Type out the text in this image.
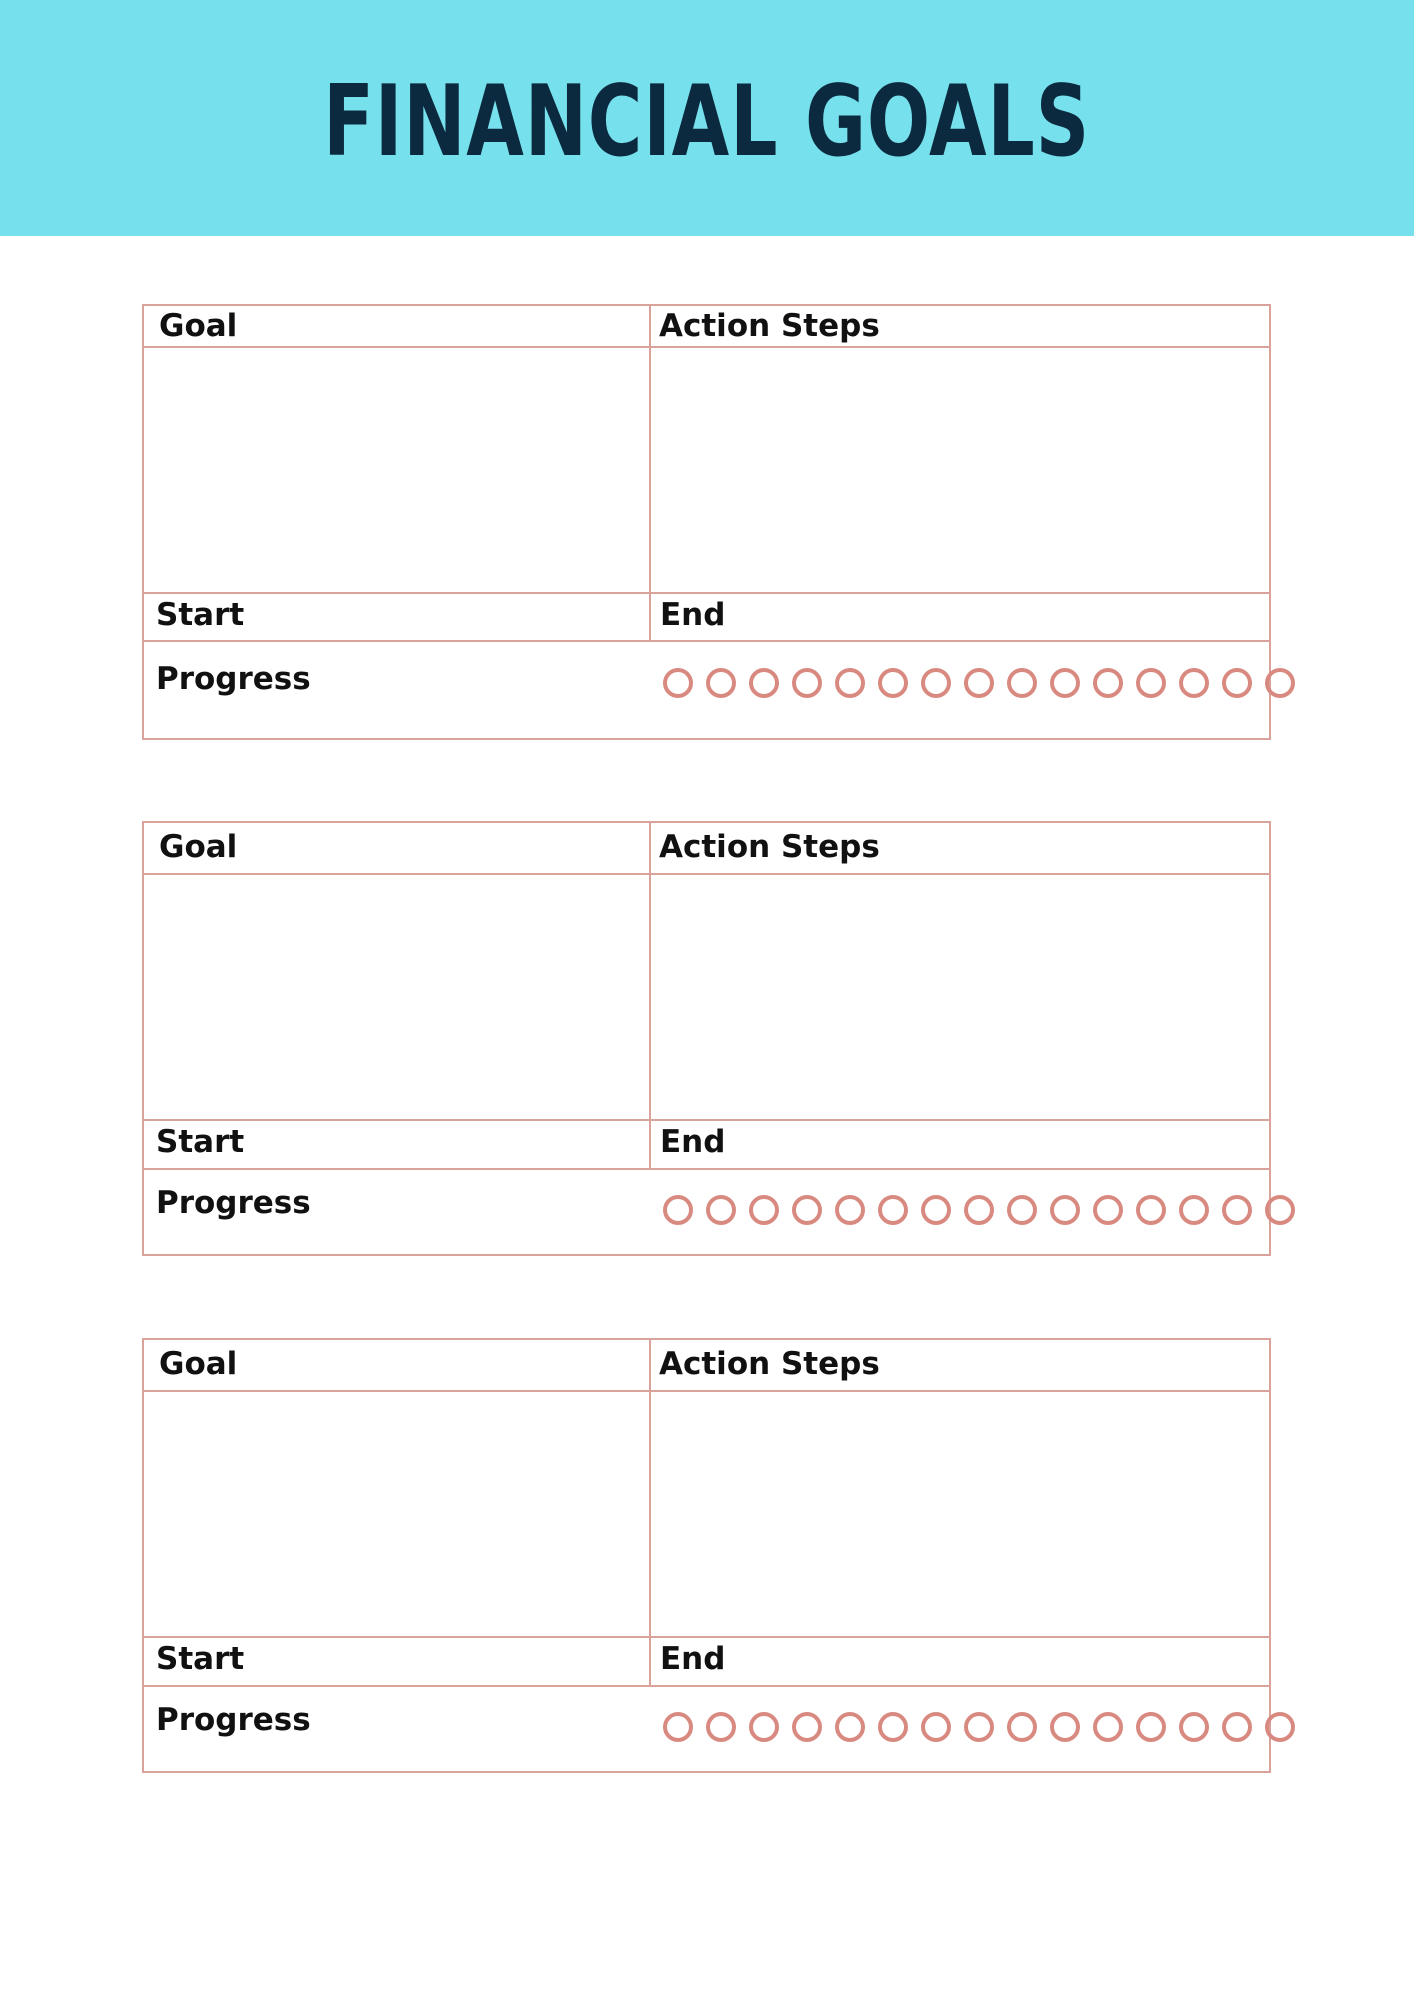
FINANCIAL GOALS
Goal	Action Steps
Start	End
Progress
Goal	Action Steps
Start	End
Progress
Goal	Action Steps
Start	End
Progress
